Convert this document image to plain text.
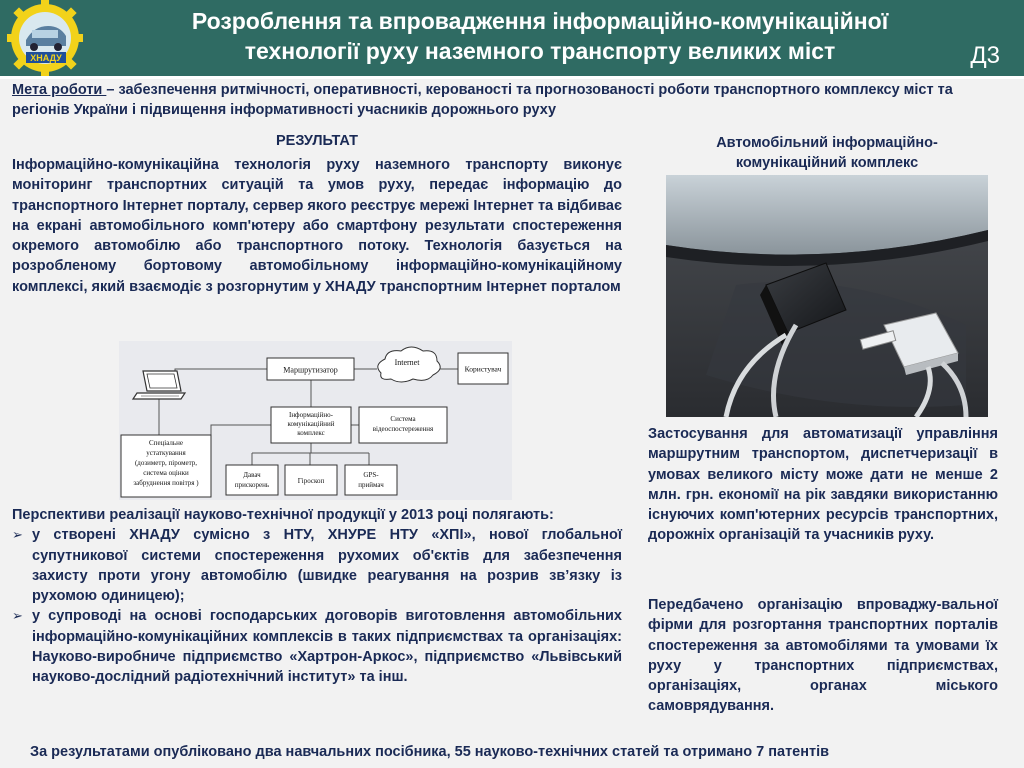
ХНАДУ
Розроблення та впровадження інформаційно-комунікаційної
технології руху наземного транспорту великих міст	Д3
Мета роботи – забезпечення ритмічності, оперативності, керованості та прогнозованості роботи транспортного комплексу міст та регіонів України і підвищення інформативності учасників дорожнього руху
РЕЗУЛЬТАТ
Інформаційно-комунікаційна технологія руху наземного транспорту виконує моніторинг транспортних ситуацій та умов руху, передає інформацію до транспортного Інтернет порталу, сервер якого реєструє мережі Інтернет та відбиває на екрані автомобільного комп'ютеру або смартфону результати спостереження окремого автомобілю або транспортного потоку. Технологія базується на розробленому бортовому автомобільному інформаційно-комунікаційному комплексі, який взаємодіє з розгорнутим у ХНАДУ транспортним Інтернет порталом
Маршрутизатор
Internet
Користувач
Інформаційно-
комунікаційний
комплекс
Система
відеоспостереження
Спеціальне
устаткування
(дозиметр, пірометр,
система оцінки
забруднення повітря )
Давач
прискорень	Гіроскоп
GPS-
приймач
Перспективи реалізації науково-технічної продукції у 2013 році полягають:
➢ у створені ХНАДУ сумісно з НТУ, ХНУРЕ НТУ «ХПІ», нової глобальної супутникової системи спостереження рухомих об'єктів для забезпечення захисту проти угону автомобілю (швидке реагування на розрив зв’язку із рухомою одиницею);
➢ у супроводі на основі господарських договорів виготовлення автомобільних інформаційно-комунікаційних комплексів в таких підприємствах та організаціях: Науково-виробниче підприємство «Хартрон-Аркос», підприємство «Львівський науково-дослідний радіотехнічний інститут» та інш.
Автомобільний інформаційно-комунікаційний комплекс
Застосування для автоматизації управління маршрутним транспортом, диспетчеризації в умовах великого місту може дати не менше 2 млн. грн. економії на рік завдяки використанню існуючих комп'ютерних ресурсів транспортних, дорожніх організацій та учасників руху.
Передбачено організацію впроваджу-вальної фірми для розгортання транспортних порталів спостереження за автомобілями та умовами їх руху у транспортних підприємствах, організаціях, органах міського самоврядування.
За результатами опубліковано два навчальних посібника, 55 науково-технічних статей та отримано 7 патентів
